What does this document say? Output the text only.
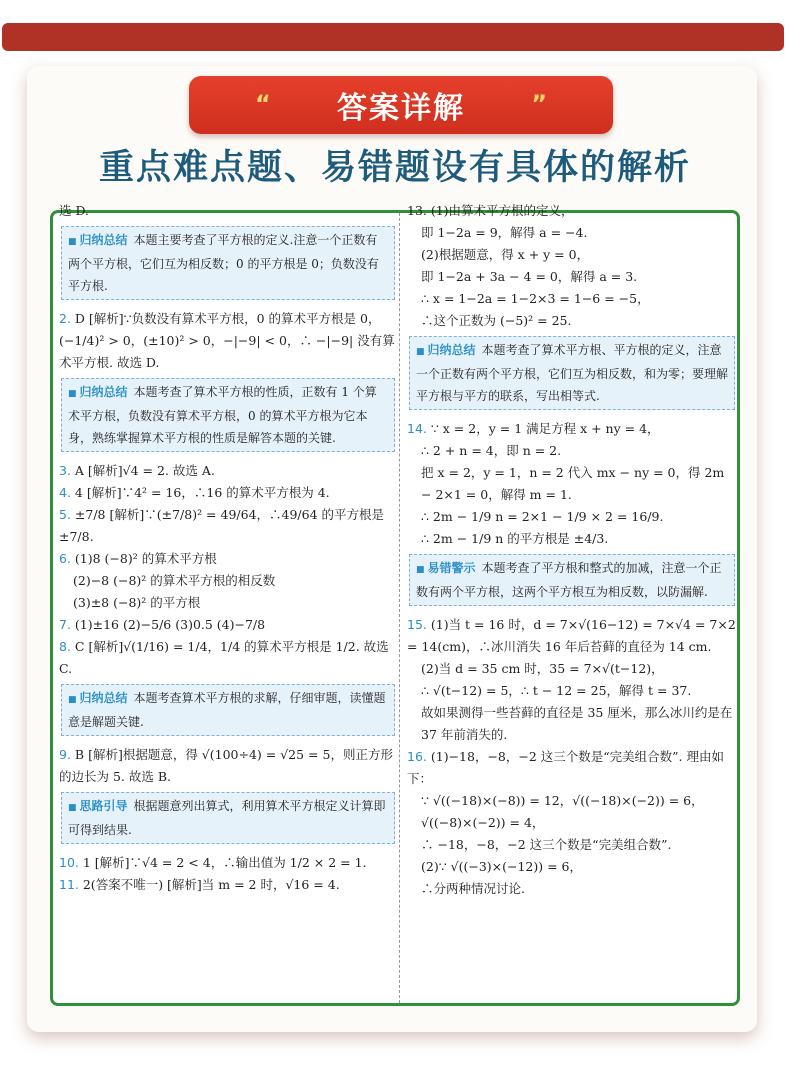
“ 答案详解	”
重点难点题、易错题设有具体的解析
选 D.
■ 归纳总结 本题主要考查了平方根的定义.注意一个正数有两个平方根，它们互为相反数；0 的平方根是 0；负数没有平方根.
2. D [解析]∵负数没有算术平方根，0 的算术平方根是 0，(−1/4)² > 0，(±10)² > 0，−|−9| < 0，∴ −|−9| 没有算术平方根. 故选 D.
■ 归纳总结 本题考查了算术平方根的性质，正数有 1 个算术平方根，负数没有算术平方根，0 的算术平方根为它本身，熟练掌握算术平方根的性质是解答本题的关键.
3. A [解析]√4 = 2. 故选 A.
4. 4 [解析]∵4² = 16，∴16 的算术平方根为 4.
5. ±7/8 [解析]∵(±7/8)² = 49/64，∴49/64 的平方根是 ±7/8.
6. (1)8 (−8)² 的算术平方根
(2)−8 (−8)² 的算术平方根的相反数
(3)±8 (−8)² 的平方根
7. (1)±16 (2)−5/6 (3)0.5 (4)−7/8
8. C [解析]√(1/16) = 1/4，1/4 的算术平方根是 1/2. 故选 C.
■ 归纳总结 本题考查算术平方根的求解，仔细审题，读懂题意是解题关键.
9. B [解析]根据题意，得 √(100÷4) = √25 = 5，则正方形的边长为 5. 故选 B.
■ 思路引导 根据题意列出算式，利用算术平方根定义计算即可得到结果.
10. 1 [解析]∵√4 = 2 < 4，∴输出值为 1/2 × 2 = 1.
11. 2(答案不唯一) [解析]当 m = 2 时，√16 = 4.
13. (1)由算术平方根的定义，
即 1−2a = 9，解得 a = −4.
(2)根据题意，得 x + y = 0，
即 1−2a + 3a − 4 = 0，解得 a = 3.
∴ x = 1−2a = 1−2×3 = 1−6 = −5，
∴这个正数为 (−5)² = 25.
■ 归纳总结 本题考查了算术平方根、平方根的定义，注意一个正数有两个平方根，它们互为相反数，和为零；要理解平方根与平方的联系，写出相等式.
14. ∵ x = 2，y = 1 满足方程 x + ny = 4，
∴ 2 + n = 4，即 n = 2.
把 x = 2，y = 1，n = 2 代入 mx − ny = 0，得 2m − 2×1 = 0，解得 m = 1.
∴ 2m − 1/9 n = 2×1 − 1/9 × 2 = 16/9.
∴ 2m − 1/9 n 的平方根是 ±4/3.
■ 易错警示 本题考查了平方根和整式的加减，注意一个正数有两个平方根，这两个平方根互为相反数，以防漏解.
15. (1)当 t = 16 时，d = 7×√(16−12) = 7×√4 = 7×2 = 14(cm)，∴冰川消失 16 年后苔藓的直径为 14 cm.
(2)当 d = 35 cm 时，35 = 7×√(t−12)，
∴ √(t−12) = 5，∴ t − 12 = 25，解得 t = 37.
故如果测得一些苔藓的直径是 35 厘米，那么冰川约是在 37 年前消失的.
16. (1)−18，−8，−2 这三个数是“完美组合数”. 理由如下：
∵ √((−18)×(−8)) = 12，√((−18)×(−2)) = 6，√((−8)×(−2)) = 4，
∴ −18，−8，−2 这三个数是“完美组合数”.
(2)∵ √((−3)×(−12)) = 6，
∴分两种情况讨论.
